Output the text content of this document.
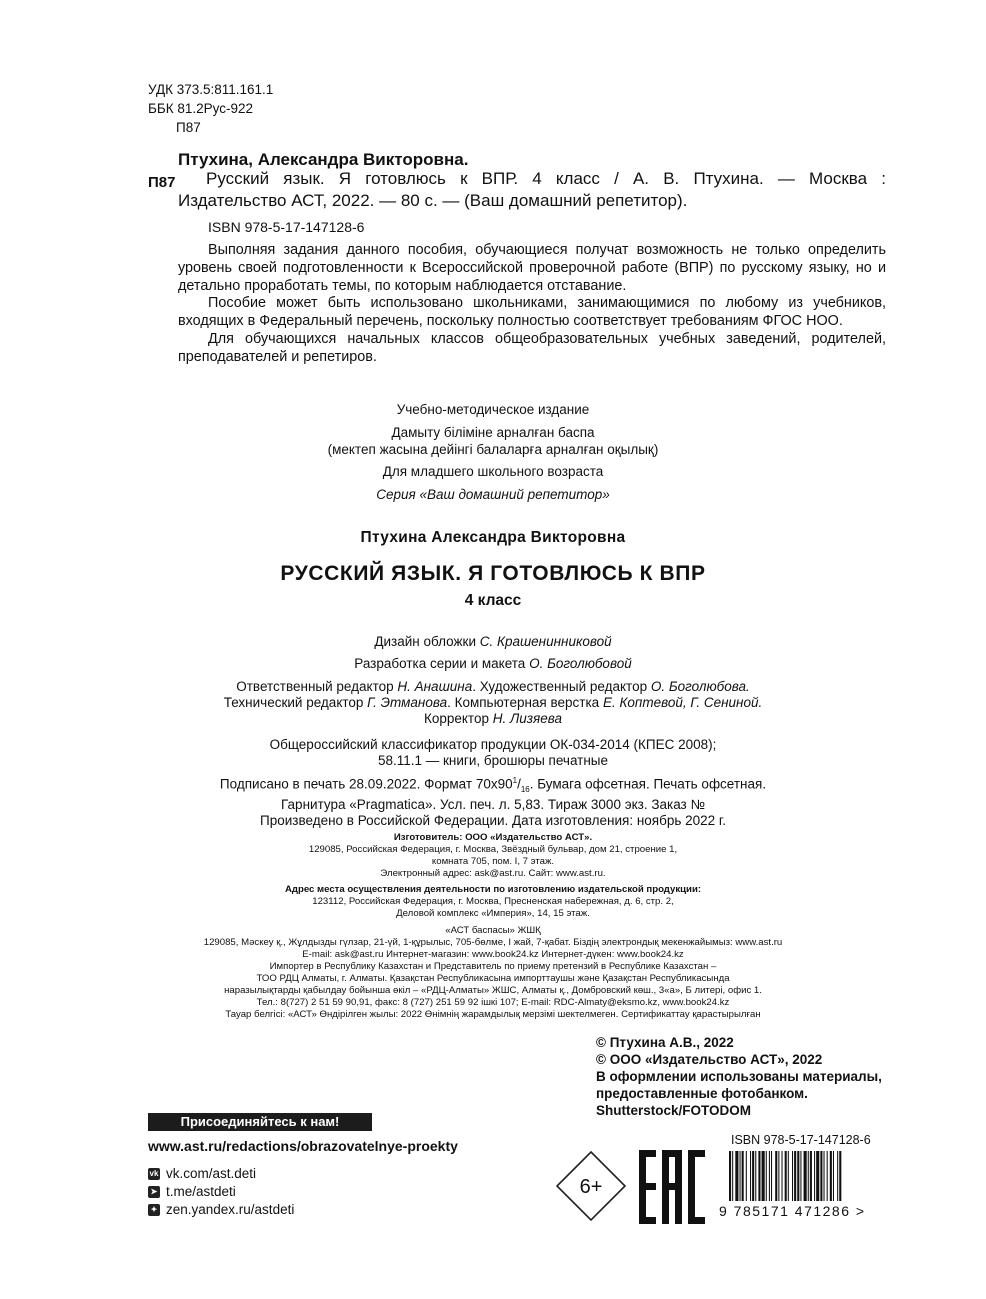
УДК 373.5:811.161.1
ББК 81.2Рус-922
П87
Птухина, Александра Викторовна.
П87	Русский язык. Я готовлюсь к ВПР. 4 класс / А. В. Птухина. — Москва :
Издательство АСТ, 2022. — 80 с. — (Ваш домашний репетитор).
ISBN 978-5-17-147128-6

Выполняя задания данного пособия, обучающиеся получат возможность не только определить уровень своей подготовленности к Всероссийской проверочной работе (ВПР) по русскому языку, но и детально проработать темы, по которым наблюдается отставание.

Пособие может быть использовано школьниками, занимающимися по любому из учебников, входящих в Федеральный перечень, поскольку полностью соответствует требованиям ФГОС НОО.

Для обучающихся начальных классов общеобразовательных учебных заведений, родителей, преподавателей и репетиров.

Учебно-методическое издание
Дамыту біліміне арналған баспа
(мектеп жасына дейінгі балаларға арналған оқылық)
Для младшего школьного возраста
Серия «Ваш домашний репетитор»
Птухина Александра Викторовна
РУССКИЙ ЯЗЫК. Я ГОТОВЛЮСЬ К ВПР
4 класс
Дизайн обложки С. Крашенинниковой
Разработка серии и макета О. Боголюбовой
Ответственный редактор Н. Анашина. Художественный редактор О. Боголюбова.
Технический редактор Г. Этманова. Компьютерная верстка Е. Коптевой, Г. Сениной.
Корректор Н. Лизяева
Общероссийский классификатор продукции ОК-034-2014 (КПЕС 2008);
58.11.1 — книги, брошюры печатные
Подписано в печать 28.09.2022. Формат $70х90^1/_{16}$. Бумага офсетная. Печать офсетная.
Гарнитура «Pragmatica». Усл. печ. л. 5,83. Тираж 3000 экз. Заказ №
Произведено в Российской Федерации. Дата изготовления: ноябрь 2022 г.
Изготовитель: ООО «Издательство АСТ».
129085, Российская Федерация, г. Москва, Звёздный бульвар, дом 21, строение 1,
комната 705, пом. I, 7 этаж.
Электронный адрес: ask@ast.ru. Сайт: www.ast.ru.
Адрес места осуществления деятельности по изготовлению издательской продукции:
123112, Российская Федерация, г. Москва, Пресненская набережная, д. 6, стр. 2,
Деловой комплекс «Империя», 14, 15 этаж.
«АСТ баспасы» ЖШҚ
129085, Мәскеу қ., Жұлдызды гүлзар, 21-үй, 1-құрылыс, 705-бөлме, I жай, 7-қабат. Біздің электрондық мекенжайымыз: www.ast.ru
E-mail: ask@ast.ru Интернет-магазин: www.book24.kz Интернет-дүкен: www.book24.kz
Импортер в Республику Казахстан и Представитель по приему претензий в Республике Казахстан –
ТОО РДЦ Алматы, г. Алматы. Қазақстан Республикасына импорттаушы және Қазақстан Республикасында
наразылықтарды қабылдау бойынша өкіл – «РДЦ-Алматы» ЖШС, Алматы қ., Домбровский көш., 3«а», Б литері, офис 1.
Тел.: 8(727) 2 51 59 90,91, факс: 8 (727) 251 59 92 ішкі 107; E-mail: RDC-Almaty@eksmo.kz, www.book24.kz
Тауар белгісі: «АСТ» Өндірілген жылы: 2022 Өнімнің жарамдылық мерзімі шектелмеген. Сертификаттау қарастырылған
© Птухина А.В., 2022
© ООО «Издательство АСТ», 2022
В оформлении использованы материалы,
предоставленные фотобанком.
Shutterstock/FOTODOM
Присоединяйтесь к нам!
www.ast.ru/redactions/obrazovatelnye-proekty
vk vk.com/ast.deti
➤ t.me/astdeti
✦ zen.yandex.ru/astdeti
6+
ISBN 978-5-17-147128-6
9 785171 471286 >
